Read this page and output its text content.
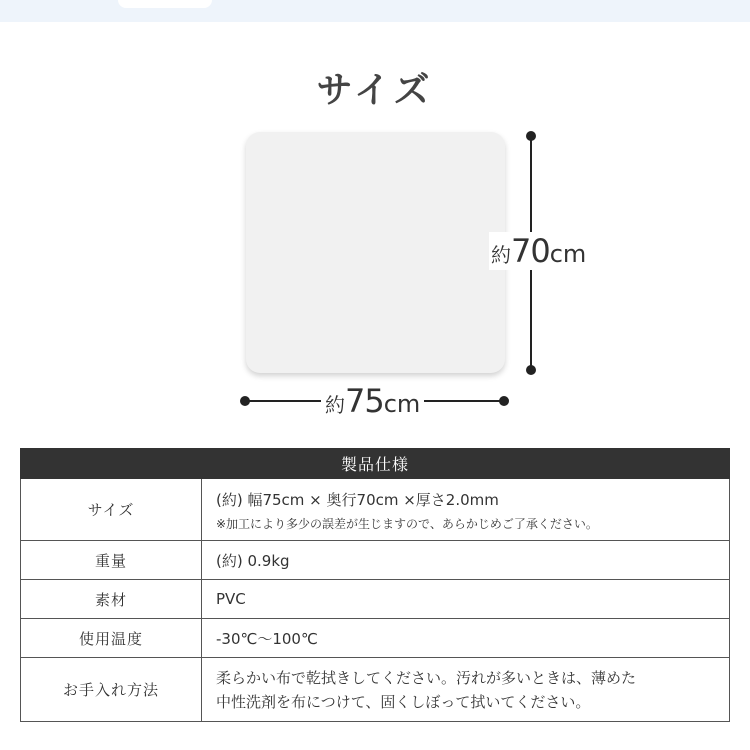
サイズ
約 70 cm
約 75 cm
製品仕様	
サイズ	(約) 幅75cm × 奥行70cm ×厚さ2.0mm
※加工により多少の誤差が生じますので、あらかじめご了承ください。

重量	(約) 0.9kg
素材	PVC
使用温度	-30℃～100℃
お手入れ方法	柔らかい布で乾拭きしてください。汚れが多いときは、薄めた
中性洗剤を布につけて、固くしぼって拭いてください。
